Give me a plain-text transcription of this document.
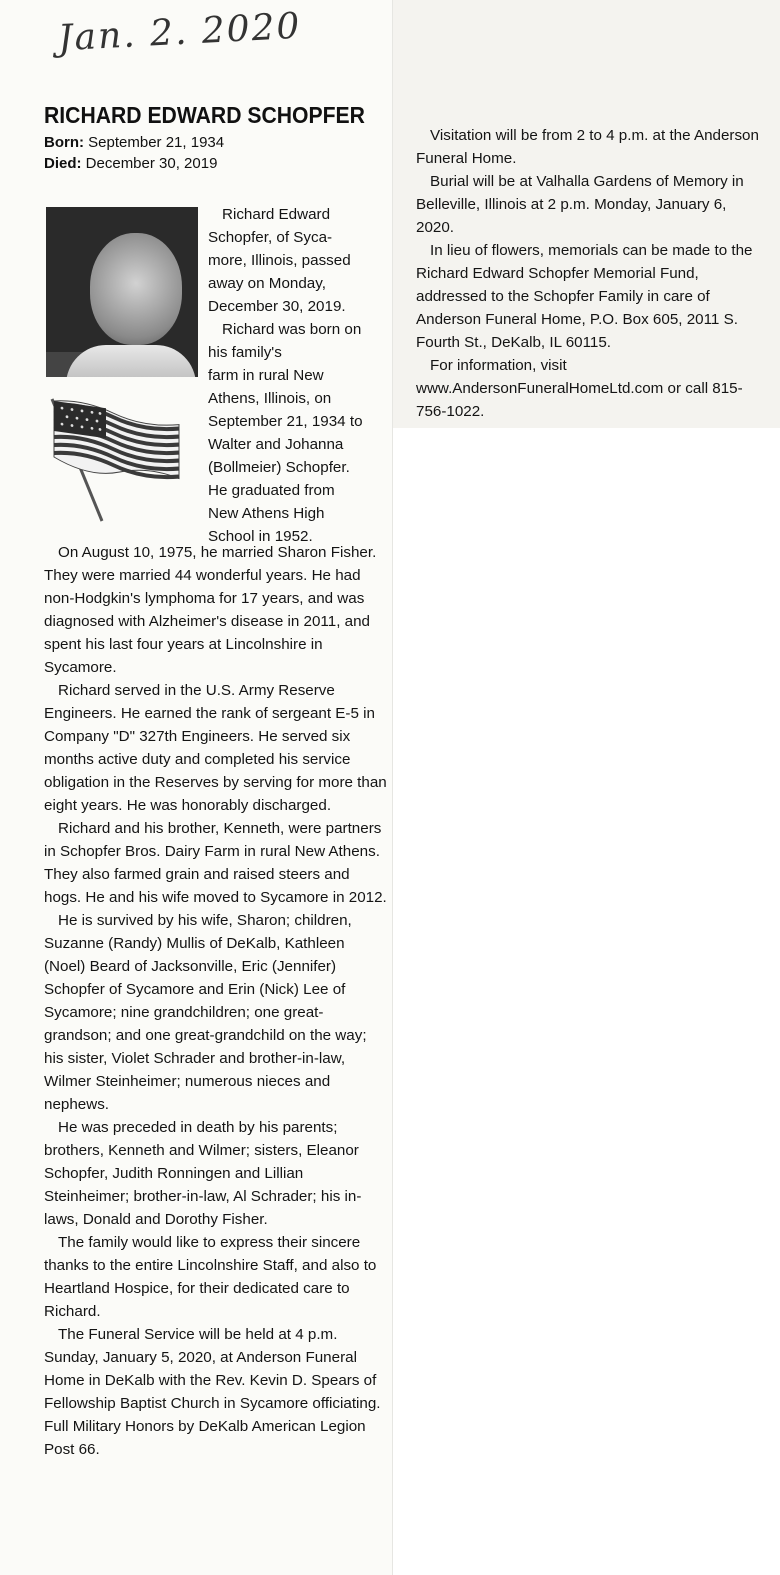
Jan. 2. 2020
RICHARD EDWARD SCHOPFER
Born: September 21, 1934
Died: December 30, 2019
Richard Edward
Schopfer, of Syca-
more, Illinois, passed
away on Monday,
December 30, 2019.
Richard was born on
his family's
farm in rural New
Athens, Illinois, on
September 21, 1934 to
Walter and Johanna
(Bollmeier) Schopfer.
He graduated from
New Athens High
School in 1952.

On August 10, 1975, he married Sharon Fisher. They were married 44 wonderful years. He had non-Hodgkin's lymphoma for 17 years, and was diagnosed with Alzheimer's disease in 2011, and spent his last four years at Lincolnshire in Sycamore.

Richard served in the U.S. Army Reserve Engineers. He earned the rank of sergeant E-5 in Company "D" 327th Engineers. He served six months active duty and completed his service obligation in the Reserves by serving for more than eight years. He was honorably discharged.

Richard and his brother, Kenneth, were partners in Schopfer Bros. Dairy Farm in rural New Athens. They also farmed grain and raised steers and hogs. He and his wife moved to Sycamore in 2012.

He is survived by his wife, Sharon; children, Suzanne (Randy) Mullis of DeKalb, Kathleen (Noel) Beard of Jacksonville, Eric (Jennifer) Schopfer of Sycamore and Erin (Nick) Lee of Sycamore; nine grandchildren; one great-grandson; and one great-grandchild on the way; his sister, Violet Schrader and brother-in-law, Wilmer Steinheimer; numerous nieces and nephews.

He was preceded in death by his parents; brothers, Kenneth and Wilmer; sisters, Eleanor Schopfer, Judith Ronningen and Lillian Steinheimer; brother-in-law, Al Schrader; his in-laws, Donald and Dorothy Fisher.

The family would like to express their sincere thanks to the entire Lincolnshire Staff, and also to Heartland Hospice, for their dedicated care to Richard.

The Funeral Service will be held at 4 p.m. Sunday, January 5, 2020, at Anderson Funeral Home in DeKalb with the Rev. Kevin D. Spears of Fellowship Baptist Church in Sycamore officiating. Full Military Honors by DeKalb American Legion Post 66.

Visitation will be from 2 to 4 p.m. at the Anderson Funeral Home.

Burial will be at Valhalla Gardens of Memory in Belleville, Illinois at 2 p.m. Monday, January 6, 2020.

In lieu of flowers, memorials can be made to the Richard Edward Schopfer Memorial Fund, addressed to the Schopfer Family in care of Anderson Funeral Home, P.O. Box 605, 2011 S. Fourth St., DeKalb, IL 60115.

For information, visit www.AndersonFuneralHomeLtd.com or call 815-756-1022.
